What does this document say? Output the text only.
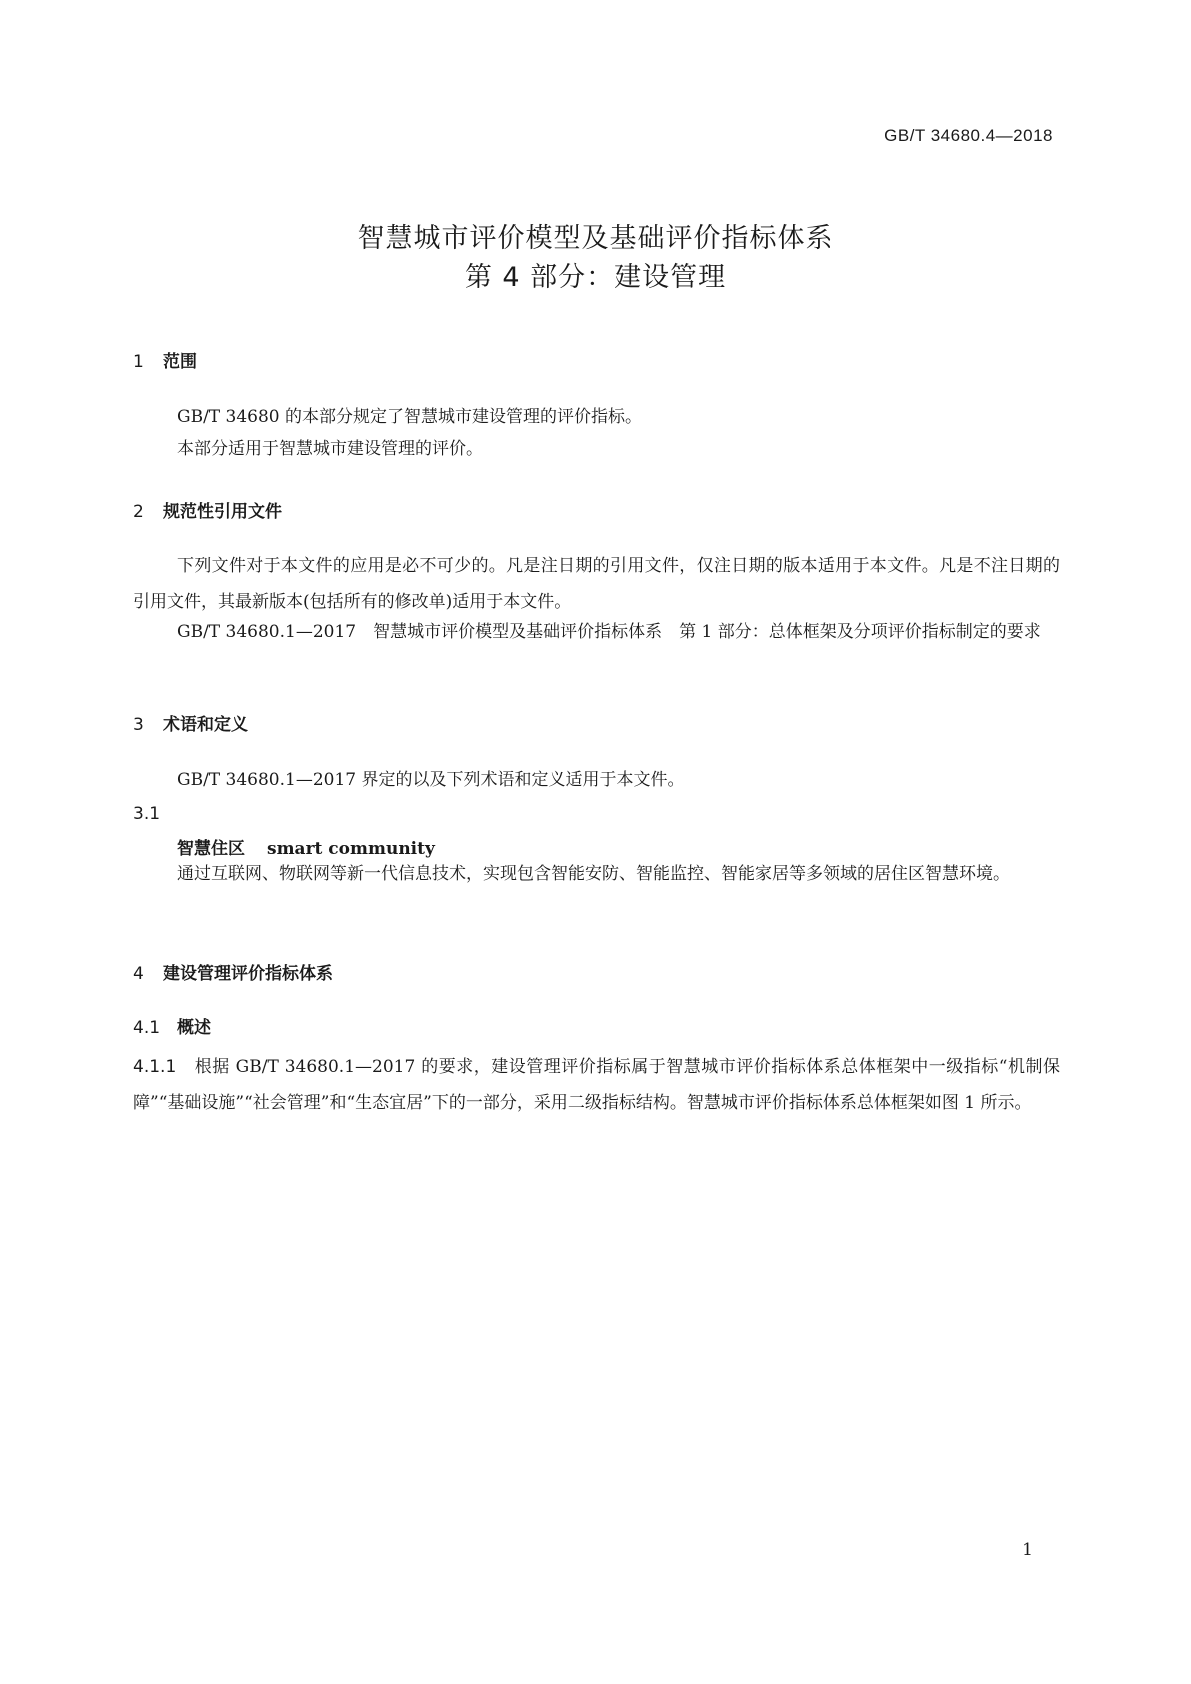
GB/T 34680.4—2018
智慧城市评价模型及基础评价指标体系
第 4 部分：建设管理
1 范围
GB/T 34680 的本部分规定了智慧城市建设管理的评价指标。
本部分适用于智慧城市建设管理的评价。
2 规范性引用文件
下列文件对于本文件的应用是必不可少的。凡是注日期的引用文件，仅注日期的版本适用于本文件。凡是不注日期的引用文件，其最新版本(包括所有的修改单)适用于本文件。
GB/T 34680.1—2017　智慧城市评价模型及基础评价指标体系　第 1 部分：总体框架及分项评价指标制定的要求
3 术语和定义
GB/T 34680.1—2017 界定的以及下列术语和定义适用于本文件。
3.1
智慧住区 smart community
通过互联网、物联网等新一代信息技术，实现包含智能安防、智能监控、智能家居等多领域的居住区智慧环境。
4 建设管理评价指标体系
4.1 概述
4.1.1 根据 GB/T 34680.1—2017 的要求，建设管理评价指标属于智慧城市评价指标体系总体框架中一级指标“机制保障”“基础设施”“社会管理”和“生态宜居”下的一部分，采用二级指标结构。智慧城市评价指标体系总体框架如图 1 所示。
1
